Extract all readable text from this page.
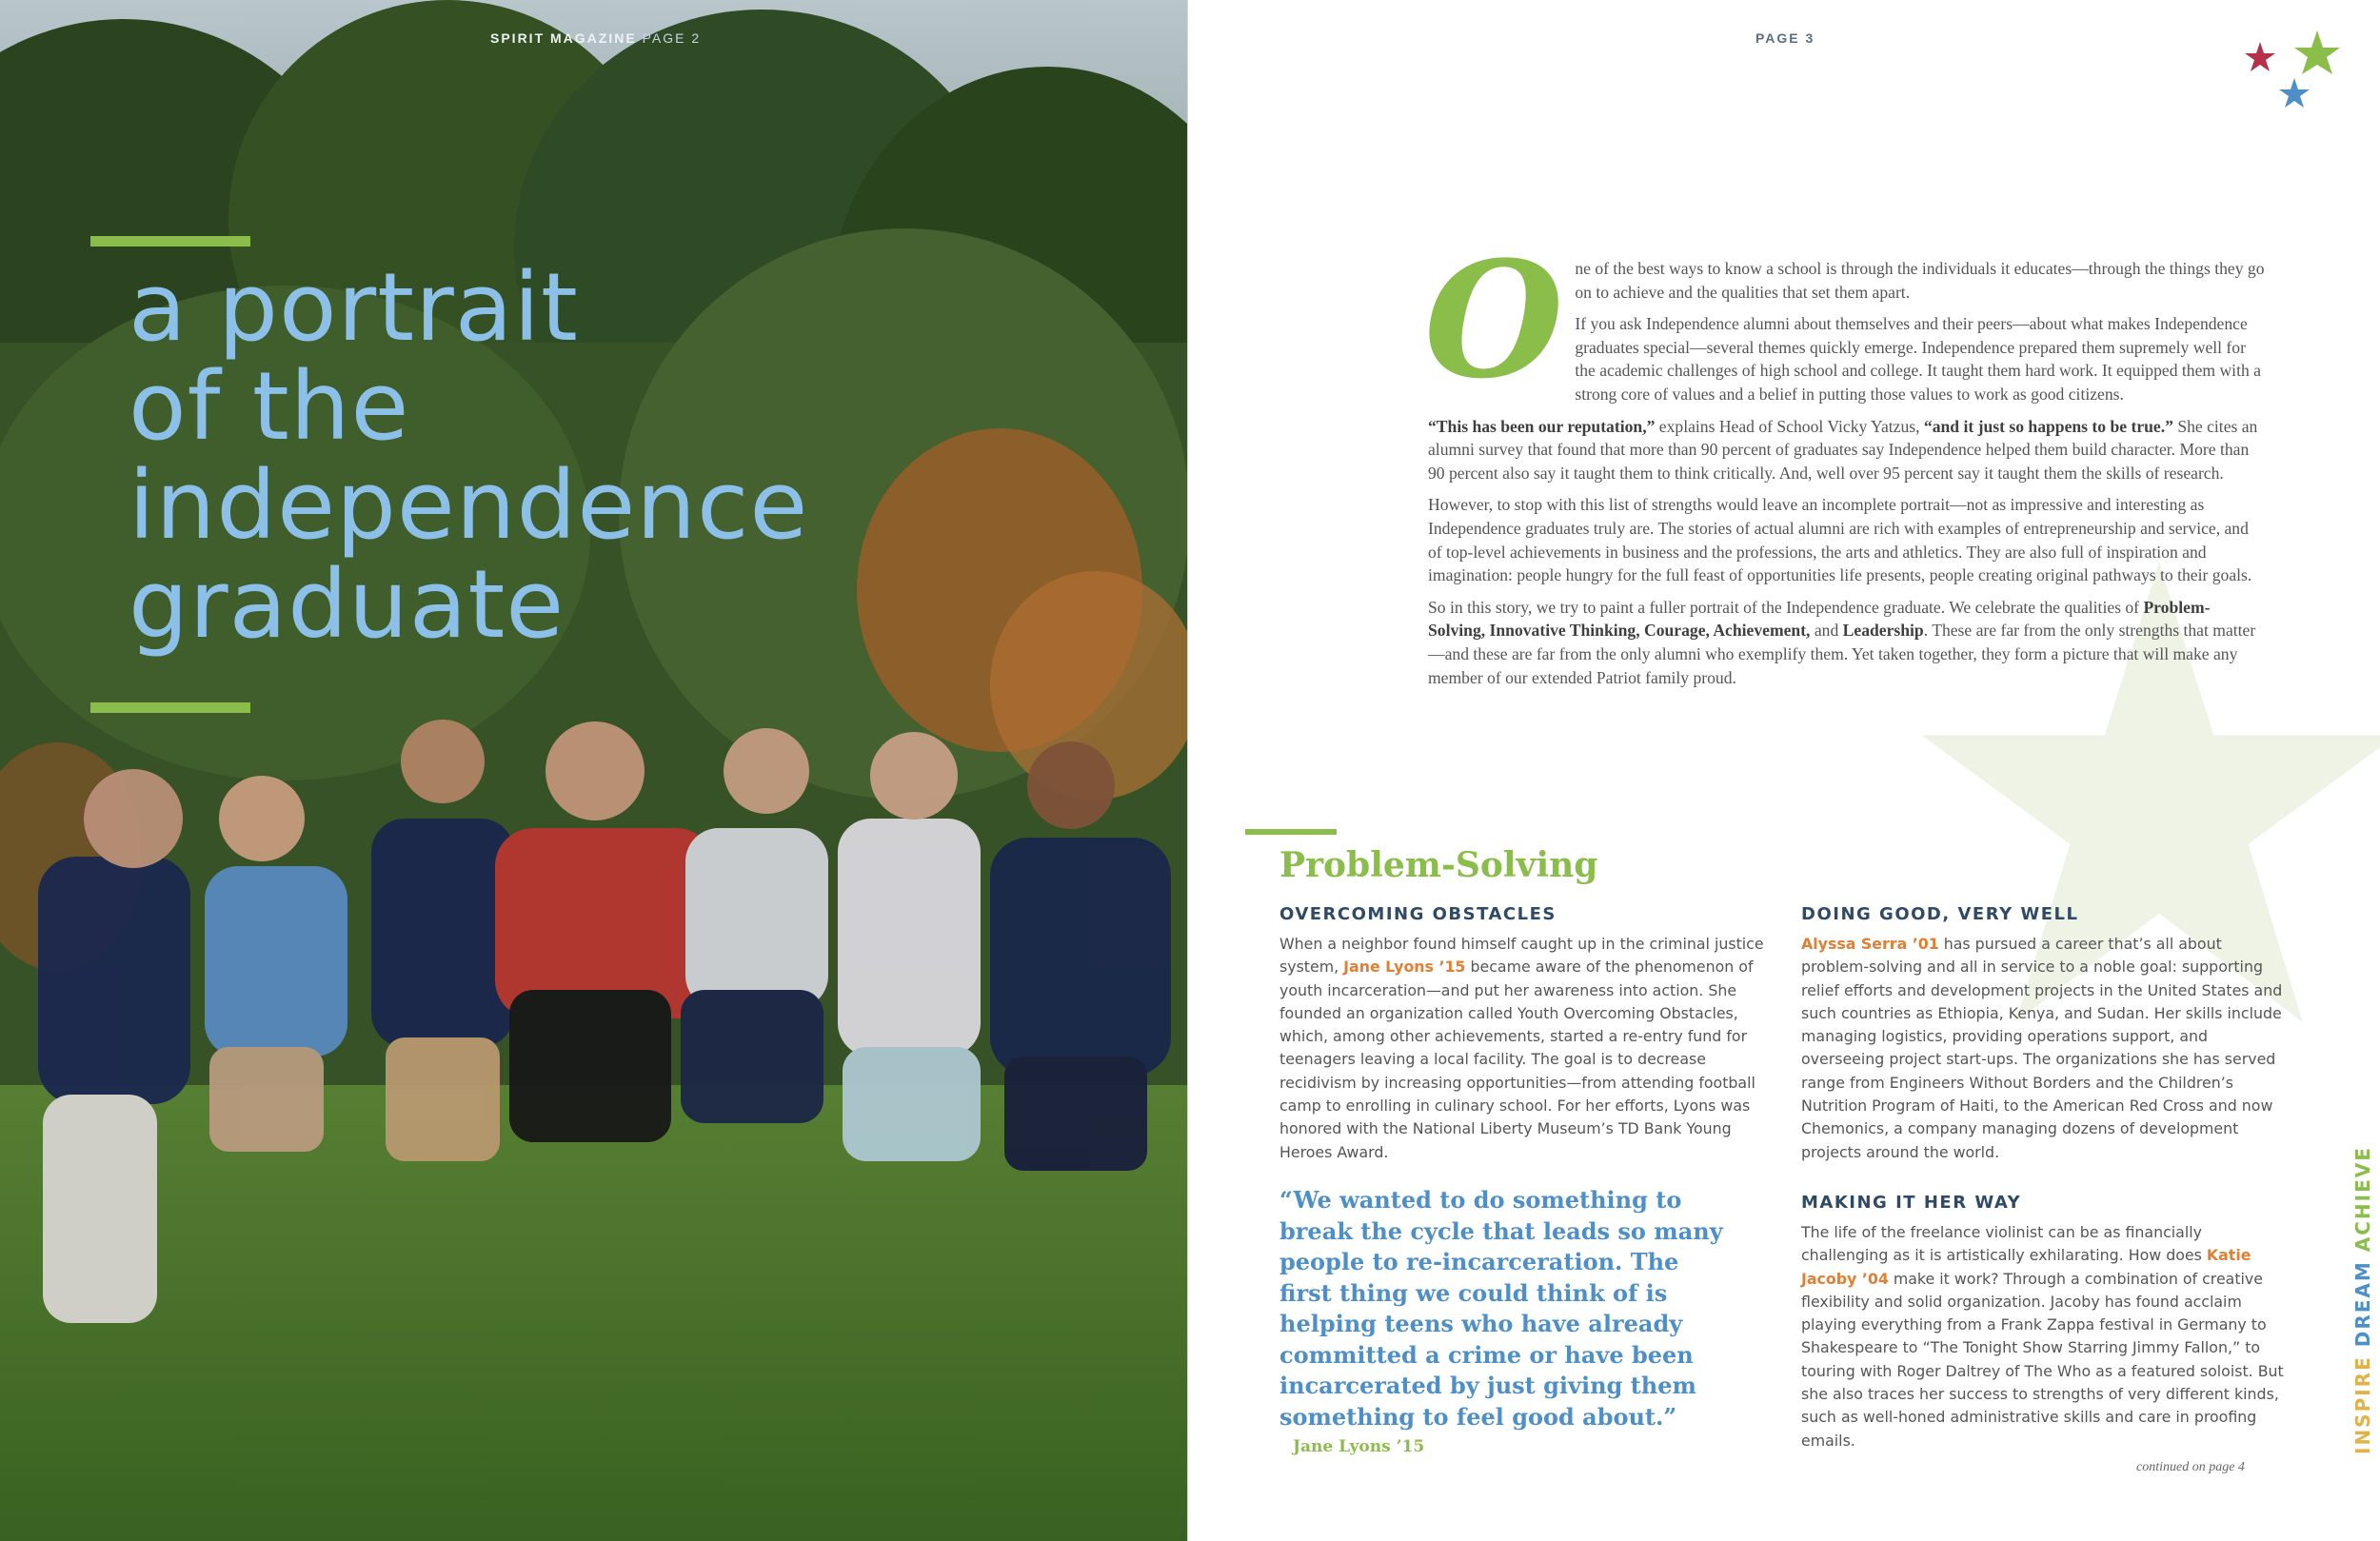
SPIRIT MAGAZINE PAGE 2
a portrait
of the
independence
graduate
PAGE 3
O ne of the best ways to know a school is through the individuals it educates—through the things they go on to achieve and the qualities that set them apart.

If you ask Independence alumni about themselves and their peers—about what makes Independence graduates special—several themes quickly emerge. Independence prepared them supremely well for the academic challenges of high school and college. It taught them hard work. It equipped them with a strong core of values and a belief in putting those values to work as good citizens.

“This has been our reputation,” explains Head of School Vicky Yatzus, “and it just so happens to be true.” She cites an alumni survey that found that more than 90 percent of graduates say Independence helped them build character. More than 90 percent also say it taught them to think critically. And, well over 95 percent say it taught them the skills of research.

However, to stop with this list of strengths would leave an incomplete portrait—not as impressive and interesting as Independence graduates truly are. The stories of actual alumni are rich with examples of entrepreneurship and service, and of top-level achievements in business and the professions, the arts and athletics. They are also full of inspiration and imagination: people hungry for the full feast of opportunities life presents, people creating original pathways to their goals.

So in this story, we try to paint a fuller portrait of the Independence graduate. We celebrate the qualities of Problem-Solving, Innovative Thinking, Courage, Achievement, and Leadership. These are far from the only strengths that matter—and these are far from the only alumni who exemplify them. Yet taken together, they form a picture that will make any member of our extended Patriot family proud.

Problem-Solving
OVERCOMING OBSTACLES

When a neighbor found himself caught up in the criminal justice system, Jane Lyons ’15 became aware of the phenomenon of youth incarceration—and put her awareness into action. She founded an organization called Youth Overcoming Obstacles, which, among other achievements, started a re-entry fund for teenagers leaving a local facility. The goal is to decrease recidivism by increasing opportunities—from attending football camp to enrolling in culinary school. For her efforts, Lyons was honored with the National Liberty Museum’s TD Bank Young Heroes Award.

“We wanted to do something to break the cycle that leads so many people to re-incarceration. The first thing we could think of is helping teens who have already committed a crime or have been incarcerated by just giving them something to feel good about.”
Jane Lyons ’15
DOING GOOD, VERY WELL

Alyssa Serra ’01 has pursued a career that’s all about problem-solving and all in service to a noble goal: supporting relief efforts and development projects in the United States and such countries as Ethiopia, Kenya, and Sudan. Her skills include managing logistics, providing operations support, and overseeing project start-ups. The organizations she has served range from Engineers Without Borders and the Children’s Nutrition Program of Haiti, to the American Red Cross and now Chemonics, a company managing dozens of development projects around the world.

MAKING IT HER WAY

The life of the freelance violinist can be as financially challenging as it is artistically exhilarating. How does Katie Jacoby ’04 make it work? Through a combination of creative flexibility and solid organization. Jacoby has found acclaim playing everything from a Frank Zappa festival in Germany to Shakespeare to “The Tonight Show Starring Jimmy Fallon,” to touring with Roger Daltrey of The Who as a featured soloist. But she also traces her success to strengths of very different kinds, such as well-honed administrative skills and care in proofing emails.

continued on page 4
INSPIRE DREAM ACHIEVE
